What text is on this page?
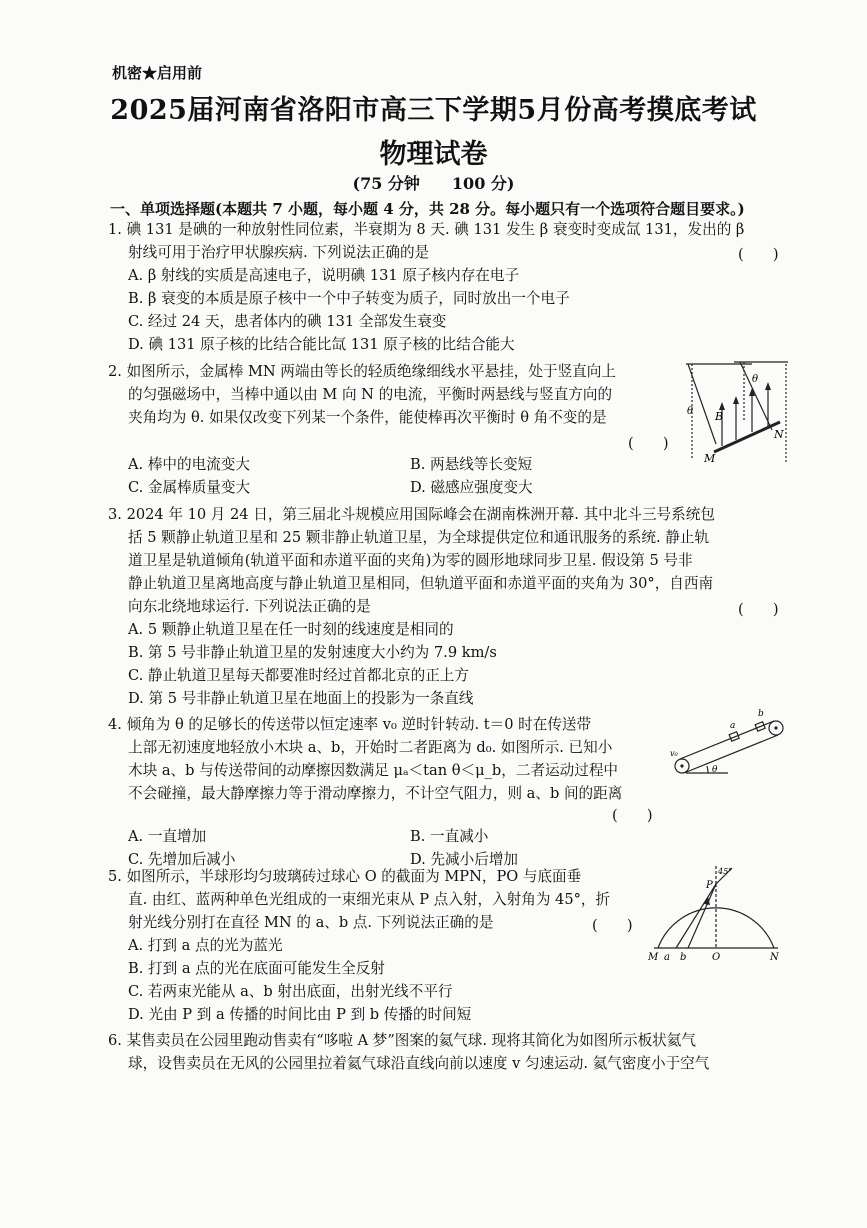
机密★启用前
2025届河南省洛阳市高三下学期5月份高考摸底考试
物理试卷
(75 分钟　　100 分)
一、单项选择题(本题共 7 小题，每小题 4 分，共 28 分。每小题只有一个选项符合题目要求。)
1. 碘 131 是碘的一种放射性同位素，半衰期为 8 天. 碘 131 发生 β 衰变时变成氙 131，发出的 β
射线可用于治疗甲状腺疾病. 下列说法正确的是	(　　)
A. β 射线的实质是高速电子，说明碘 131 原子核内存在电子
B. β 衰变的本质是原子核中一个中子转变为质子，同时放出一个电子
C. 经过 24 天，患者体内的碘 131 全部发生衰变
D. 碘 131 原子核的比结合能比氙 131 原子核的比结合能大
2. 如图所示，金属棒 MN 两端由等长的轻质绝缘细线水平悬挂，处于竖直向上
的匀强磁场中，当棒中通以由 M 向 N 的电流，平衡时两悬线与竖直方向的
夹角均为 θ. 如果仅改变下列某一个条件，能使棒再次平衡时 θ 角不变的是
(　　)
A. 棒中的电流变大	B. 两悬线等长变短
C. 金属棒质量变大	D. 磁感应强度变大
θ
θ
B
M
N
3. 2024 年 10 月 24 日，第三届北斗规模应用国际峰会在湖南株洲开幕. 其中北斗三号系统包
括 5 颗静止轨道卫星和 25 颗非静止轨道卫星，为全球提供定位和通讯服务的系统. 静止轨
道卫星是轨道倾角(轨道平面和赤道平面的夹角)为零的圆形地球同步卫星. 假设第 5 号非
静止轨道卫星离地高度与静止轨道卫星相同，但轨道平面和赤道平面的夹角为 30°，自西南
向东北绕地球运行. 下列说法正确的是	(　　)
A. 5 颗静止轨道卫星在任一时刻的线速度是相同的
B. 第 5 号非静止轨道卫星的发射速度大小约为 7.9 km/s
C. 静止轨道卫星每天都要准时经过首都北京的正上方
D. 第 5 号非静止轨道卫星在地面上的投影为一条直线
4. 倾角为 θ 的足够长的传送带以恒定速率 v₀ 逆时针转动. t＝0 时在传送带
上部无初速度地轻放小木块 a、b，开始时二者距离为 d₀. 如图所示. 已知小
木块 a、b 与传送带间的动摩擦因数满足 μₐ＜tan θ＜μ_b，二者运动过程中
不会碰撞，最大静摩擦力等于滑动摩擦力，不计空气阻力，则 a、b 间的距离
(　　)
A. 一直增加	B. 一直减小
C. 先增加后减小	D. 先减小后增加
a
b
v₀
θ
5. 如图所示，半球形均匀玻璃砖过球心 O 的截面为 MPN，PO 与底面垂
直. 由红、蓝两种单色光组成的一束细光束从 P 点入射，入射角为 45°，折
射光线分别打在直径 MN 的 a、b 点. 下列说法正确的是	(　　)
A. 打到 a 点的光为蓝光
B. 打到 a 点的光在底面可能发生全反射
C. 若两束光能从 a、b 射出底面，出射光线不平行
D. 光由 P 到 a 传播的时间比由 P 到 b 传播的时间短
45°
P
M a b	O	N
6. 某售卖员在公园里跑动售卖有“哆啦 A 梦”图案的氦气球. 现将其简化为如图所示板状氦气
球，设售卖员在无风的公园里拉着氦气球沿直线向前以速度 v 匀速运动. 氦气密度小于空气
